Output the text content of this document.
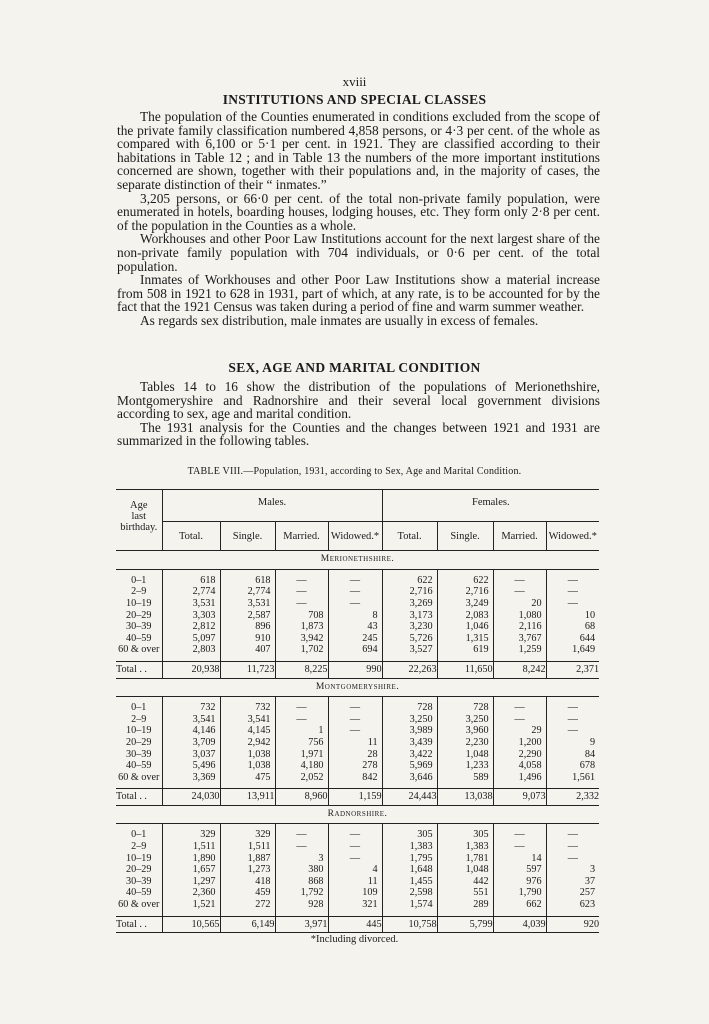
xviii
INSTITUTIONS AND SPECIAL CLASSES

The population of the Counties enumerated in conditions excluded from the scope of the private family classification numbered 4,858 persons, or 4·3 per cent. of the whole as compared with 6,100 or 5·1 per cent. in 1921. They are classified according to their habitations in Table 12 ; and in Table 13 the numbers of the more important institutions concerned are shown, together with their populations and, in the majority of cases, the separate distinction of their “ inmates.”

3,205 persons, or 66·0 per cent. of the total non-private family population, were enumerated in hotels, boarding houses, lodging houses, etc. They form only 2·8 per cent. of the population in the Counties as a whole.

Workhouses and other Poor Law Institutions account for the next largest share of the non-private family population with 704 individuals, or 0·6 per cent. of the total population.

Inmates of Workhouses and other Poor Law Institutions show a material increase from 508 in 1921 to 628 in 1931, part of which, at any rate, is to be accounted for by the fact that the 1921 Census was taken during a period of fine and warm summer weather.

As regards sex distribution, male inmates are usually in excess of females.

SEX, AGE AND MARITAL CONDITION

Tables 14 to 16 show the distribution of the populations of Merionethshire, Montgomeryshire and Radnorshire and their several local government divisions according to sex, age and marital condition.

The 1931 analysis for the Counties and the changes between 1921 and 1931 are summarized in the following tables.

TABLE VIII.—Population, 1931, according to Sex, Age and Marital Condition.
Age
last
birthday.	Males.				Females.			
	Total.	Single.	Married.	Widowed.*	Total.	Single.	Married.	Widowed.*
Merionethshire.								
0–1	618	618	—	—	622	622	—	—
2–9	2,774	2,774	—	—	2,716	2,716	—	—
10–19	3,531	3,531	—	—	3,269	3,249	20	—
20–29	3,303	2,587	708	8	3,173	2,083	1,080	10
30–39	2,812	896	1,873	43	3,230	1,046	2,116	68
40–59	5,097	910	3,942	245	5,726	1,315	3,767	644
60 & over	2,803	407	1,702	694	3,527	619	1,259	1,649
Total . .	20,938	11,723	8,225	990	22,263	11,650	8,242	2,371
Montgomeryshire.								
0–1	732	732	—	—	728	728	—	—
2–9	3,541	3,541	—	—	3,250	3,250	—	—
10–19	4,146	4,145	1	—	3,989	3,960	29	—
20–29	3,709	2,942	756	11	3,439	2,230	1,200	9
30–39	3,037	1,038	1,971	28	3,422	1,048	2,290	84
40–59	5,496	1,038	4,180	278	5,969	1,233	4,058	678
60 & over	3,369	475	2,052	842	3,646	589	1,496	1,561
Total . .	24,030	13,911	8,960	1,159	24,443	13,038	9,073	2,332
Radnorshire.								
0–1	329	329	—	—	305	305	—	—
2–9	1,511	1,511	—	—	1,383	1,383	—	—
10–19	1,890	1,887	3	—	1,795	1,781	14	—
20–29	1,657	1,273	380	4	1,648	1,048	597	3
30–39	1,297	418	868	11	1,455	442	976	37
40–59	2,360	459	1,792	109	2,598	551	1,790	257
60 & over	1,521	272	928	321	1,574	289	662	623
Total . .	10,565	6,149	3,971	445	10,758	5,799	4,039	920
*Including divorced.
